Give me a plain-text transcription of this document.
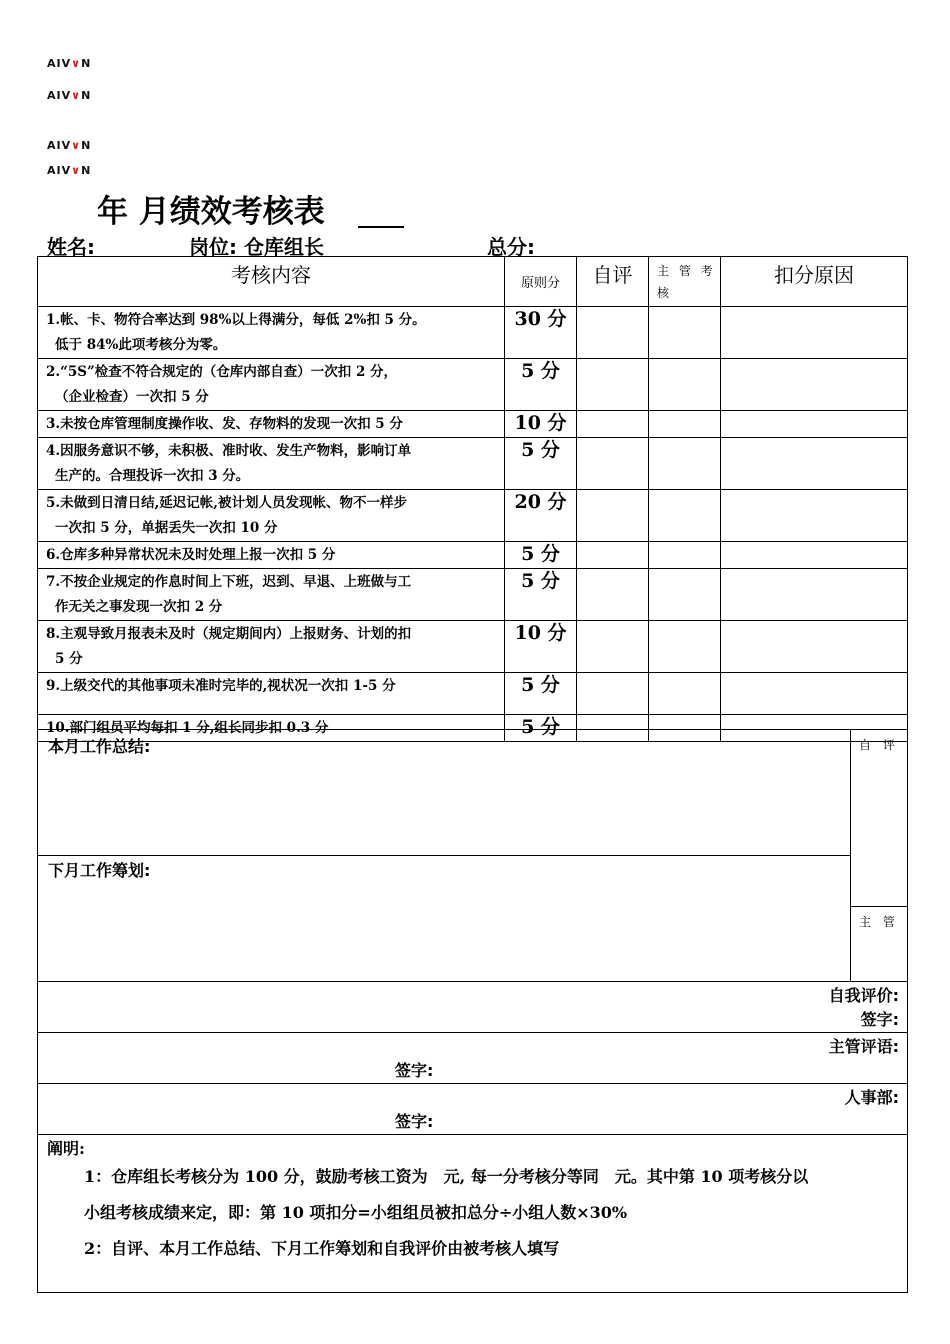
AIV∨N
AIV∨N
AIV∨N
AIV∨N
年 月绩效考核表
姓名:	岗位: 仓库组长	总分:
考核内容	原则分	自评	主 管 考 核	扣分原因
1.帐、卡、物符合率达到 98%以上得满分，每低 2%扣 5 分。
低于 84%此项考核分为零。	30 分			
2.“5S”检查不符合规定的（仓库内部自查）一次扣 2 分，
（企业检查）一次扣 5 分	5 分			
3.未按仓库管理制度操作收、发、存物料的发现一次扣 5 分	10 分			
4.因服务意识不够，未积极、准时收、发生产物料，影响订单
生产的。合理投诉一次扣 3 分。	5 分			
5.未做到日清日结,延迟记帐,被计划人员发现帐、物不一样步
一次扣 5 分，单据丢失一次扣 10 分	20 分			
6.仓库多种异常状况未及时处理上报一次扣 5 分	5 分			
7.不按企业规定的作息时间上下班，迟到、早退、上班做与工
作无关之事发现一次扣 2 分	5 分			
8.主观导致月报表未及时（规定期间内）上报财务、计划的扣
5 分	10 分			
9.上级交代的其他事项未准时完毕的,视状况一次扣 1-5 分	5 分			
10.部门组员平均每扣 1 分,组长同步扣 0.3 分	5 分			
本月工作总结:	自 评
主 管

下月工作筹划:

自我评价:
签字:

主管评语:
签字:

人事部:
签字:

阐明:
1：仓库组长考核分为 100 分，鼓励考核工资为　元, 每一分考核分等同　元。其中第 10 项考核分以
小组考核成绩来定，即：第 10 项扣分=小组组员被扣总分÷小组人数×30%
2：自评、本月工作总结、下月工作筹划和自我评价由被考核人填写
